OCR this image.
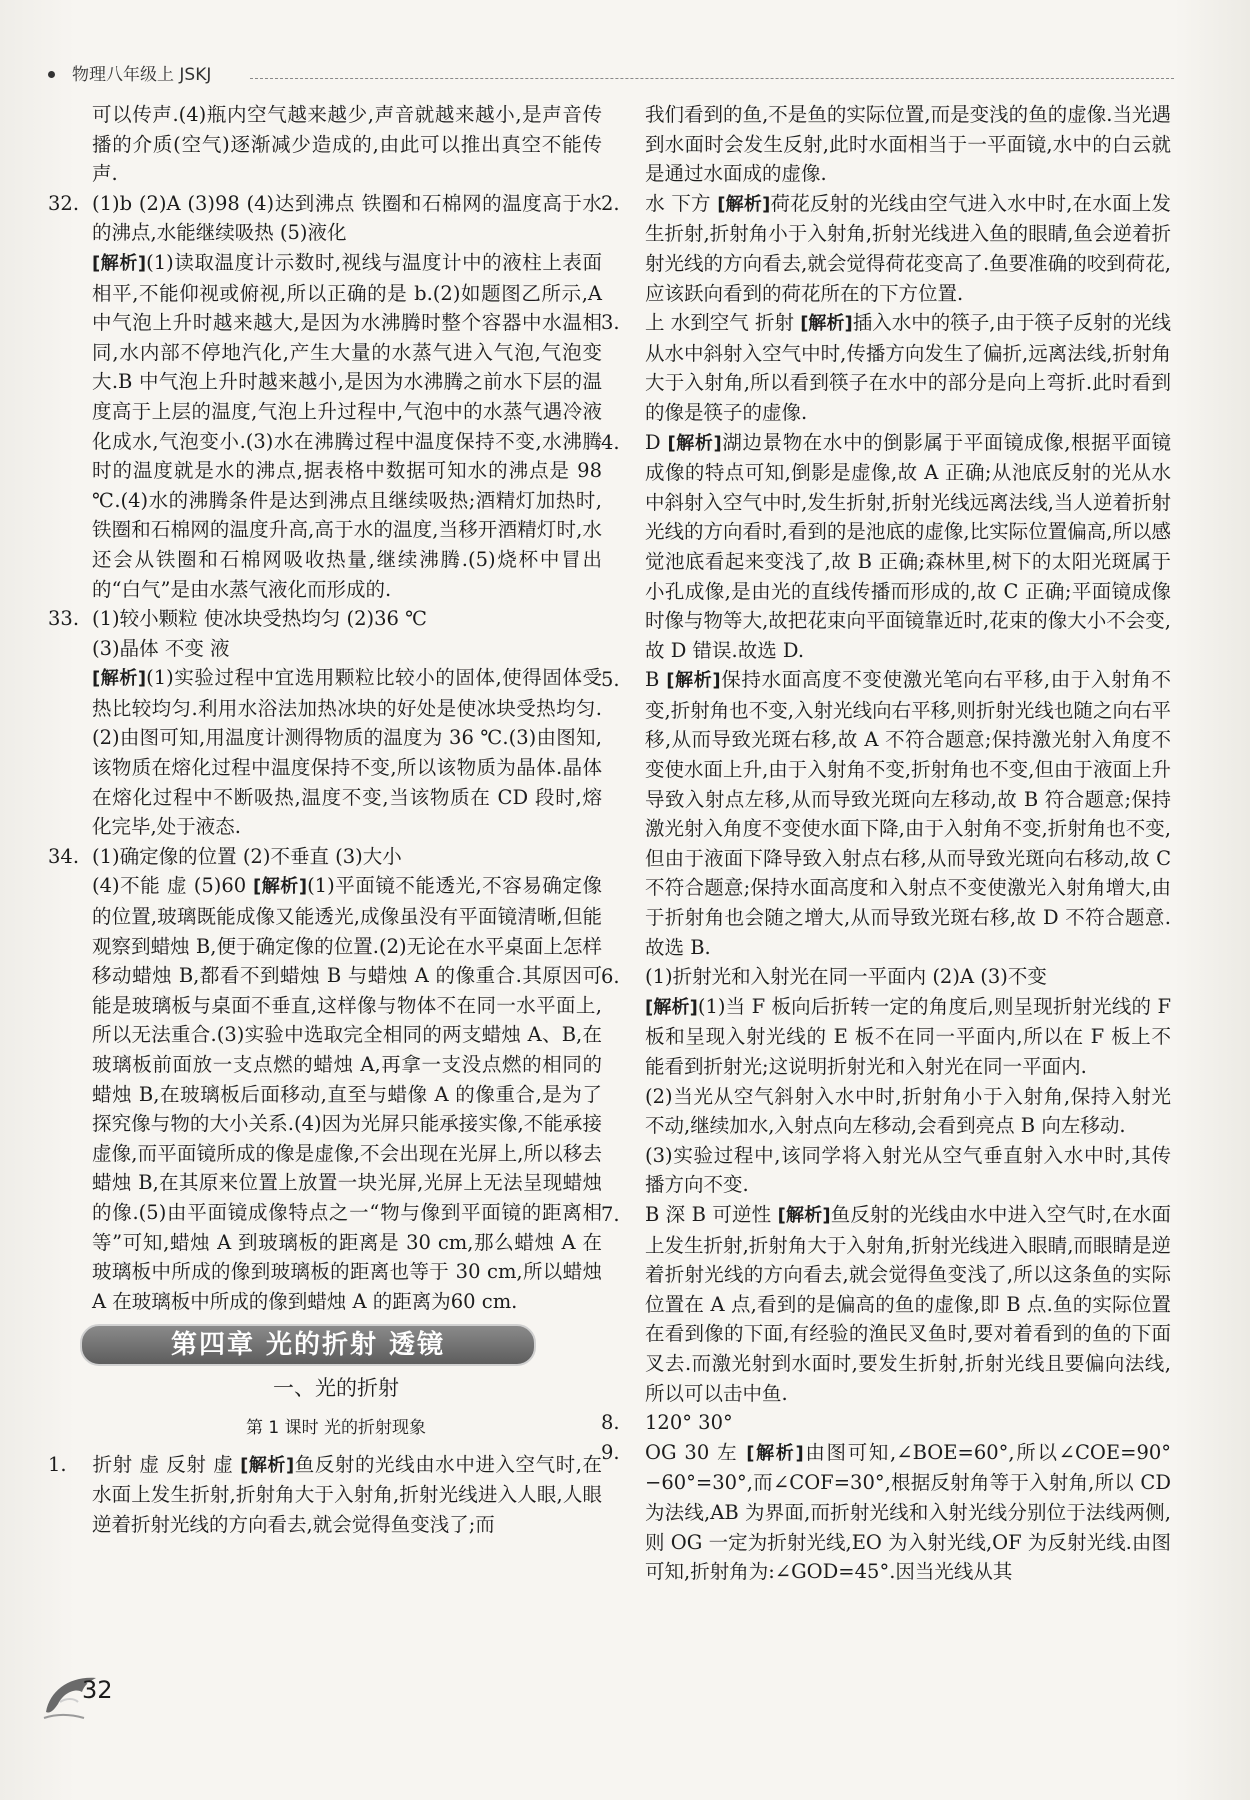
物理八年级上 JSKJ

可以传声.(4)瓶内空气越来越少,声音就越来越小,是声音传播的介质(空气)逐渐减少造成的,由此可以推出真空不能传声.

32. (1)b (2)A (3)98 (4)达到沸点 铁圈和石棉网的温度高于水的沸点,水能继续吸热 (5)液化

[解析](1)读取温度计示数时,视线与温度计中的液柱上表面相平,不能仰视或俯视,所以正确的是 b.(2)如题图乙所示,A 中气泡上升时越来越大,是因为水沸腾时整个容器中水温相同,水内部不停地汽化,产生大量的水蒸气进入气泡,气泡变大.B 中气泡上升时越来越小,是因为水沸腾之前水下层的温度高于上层的温度,气泡上升过程中,气泡中的水蒸气遇冷液化成水,气泡变小.(3)水在沸腾过程中温度保持不变,水沸腾时的温度就是水的沸点,据表格中数据可知水的沸点是 98 ℃.(4)水的沸腾条件是达到沸点且继续吸热;酒精灯加热时,铁圈和石棉网的温度升高,高于水的温度,当移开酒精灯时,水还会从铁圈和石棉网吸收热量,继续沸腾.(5)烧杯中冒出的“白气”是由水蒸气液化而形成的.

33. (1)较小颗粒 使冰块受热均匀 (2)36 ℃

(3)晶体 不变 液

[解析](1)实验过程中宜选用颗粒比较小的固体,使得固体受热比较均匀.利用水浴法加热冰块的好处是使冰块受热均匀.(2)由图可知,用温度计测得物质的温度为 36 ℃.(3)由图知,该物质在熔化过程中温度保持不变,所以该物质为晶体.晶体在熔化过程中不断吸热,温度不变,当该物质在 CD 段时,熔化完毕,处于液态.

34. (1)确定像的位置 (2)不垂直 (3)大小

(4)不能 虚 (5)60 [解析](1)平面镜不能透光,不容易确定像的位置,玻璃既能成像又能透光,成像虽没有平面镜清晰,但能观察到蜡烛 B,便于确定像的位置.(2)无论在水平桌面上怎样移动蜡烛 B,都看不到蜡烛 B 与蜡烛 A 的像重合.其原因可能是玻璃板与桌面不垂直,这样像与物体不在同一水平面上,所以无法重合.(3)实验中选取完全相同的两支蜡烛 A、B,在玻璃板前面放一支点燃的蜡烛 A,再拿一支没点燃的相同的蜡烛 B,在玻璃板后面移动,直至与蜡像 A 的像重合,是为了探究像与物的大小关系.(4)因为光屏只能承接实像,不能承接虚像,而平面镜所成的像是虚像,不会出现在光屏上,所以移去蜡烛 B,在其原来位置上放置一块光屏,光屏上无法呈现蜡烛的像.(5)由平面镜成像特点之一“物与像到平面镜的距离相等”可知,蜡烛 A 到玻璃板的距离是 30 cm,那么蜡烛 A 在玻璃板中所成的像到玻璃板的距离也等于 30 cm,所以蜡烛 A 在玻璃板中所成的像到蜡烛 A 的距离为60 cm.

第四章 光的折射 透镜
一、光的折射
第 1 课时 光的折射现象

1. 折射 虚 反射 虚 [解析]鱼反射的光线由水中进入空气时,在水面上发生折射,折射角大于入射角,折射光线进入人眼,人眼逆着折射光线的方向看去,就会觉得鱼变浅了;而

我们看到的鱼,不是鱼的实际位置,而是变浅的鱼的虚像.当光遇到水面时会发生反射,此时水面相当于一平面镜,水中的白云就是通过水面成的虚像.

2. 水 下方 [解析]荷花反射的光线由空气进入水中时,在水面上发生折射,折射角小于入射角,折射光线进入鱼的眼睛,鱼会逆着折射光线的方向看去,就会觉得荷花变高了.鱼要准确的咬到荷花,应该跃向看到的荷花所在的下方位置.

3. 上 水到空气 折射 [解析]插入水中的筷子,由于筷子反射的光线从水中斜射入空气中时,传播方向发生了偏折,远离法线,折射角大于入射角,所以看到筷子在水中的部分是向上弯折.此时看到的像是筷子的虚像.

4. D [解析]湖边景物在水中的倒影属于平面镜成像,根据平面镜成像的特点可知,倒影是虚像,故 A 正确;从池底反射的光从水中斜射入空气中时,发生折射,折射光线远离法线,当人逆着折射光线的方向看时,看到的是池底的虚像,比实际位置偏高,所以感觉池底看起来变浅了,故 B 正确;森林里,树下的太阳光斑属于小孔成像,是由光的直线传播而形成的,故 C 正确;平面镜成像时像与物等大,故把花束向平面镜靠近时,花束的像大小不会变,故 D 错误.故选 D.

5. B [解析]保持水面高度不变使激光笔向右平移,由于入射角不变,折射角也不变,入射光线向右平移,则折射光线也随之向右平移,从而导致光斑右移,故 A 不符合题意;保持激光射入角度不变使水面上升,由于入射角不变,折射角也不变,但由于液面上升导致入射点左移,从而导致光斑向左移动,故 B 符合题意;保持激光射入角度不变使水面下降,由于入射角不变,折射角也不变,但由于液面下降导致入射点右移,从而导致光斑向右移动,故 C 不符合题意;保持水面高度和入射点不变使激光入射角增大,由于折射角也会随之增大,从而导致光斑右移,故 D 不符合题意.故选 B.

6. (1)折射光和入射光在同一平面内 (2)A (3)不变

[解析](1)当 F 板向后折转一定的角度后,则呈现折射光线的 F 板和呈现入射光线的 E 板不在同一平面内,所以在 F 板上不能看到折射光;这说明折射光和入射光在同一平面内.

(2)当光从空气斜射入水中时,折射角小于入射角,保持入射光不动,继续加水,入射点向左移动,会看到亮点 B 向左移动.

(3)实验过程中,该同学将入射光从空气垂直射入水中时,其传播方向不变.

7. B 深 B 可逆性 [解析]鱼反射的光线由水中进入空气时,在水面上发生折射,折射角大于入射角,折射光线进入眼睛,而眼睛是逆着折射光线的方向看去,就会觉得鱼变浅了,所以这条鱼的实际位置在 A 点,看到的是偏高的鱼的虚像,即 B 点.鱼的实际位置在看到像的下面,有经验的渔民叉鱼时,要对着看到的鱼的下面叉去.而激光射到水面时,要发生折射,折射光线且要偏向法线,所以可以击中鱼.

8. 120° 30°

9. OG 30 左 [解析]由图可知,∠BOE=60°,所以∠COE=90°−60°=30°,而∠COF=30°,根据反射角等于入射角,所以 CD 为法线,AB 为界面,而折射光线和入射光线分别位于法线两侧,则 OG 一定为折射光线,EO 为入射光线,OF 为反射光线.由图可知,折射角为:∠GOD=45°.因当光线从其

32
